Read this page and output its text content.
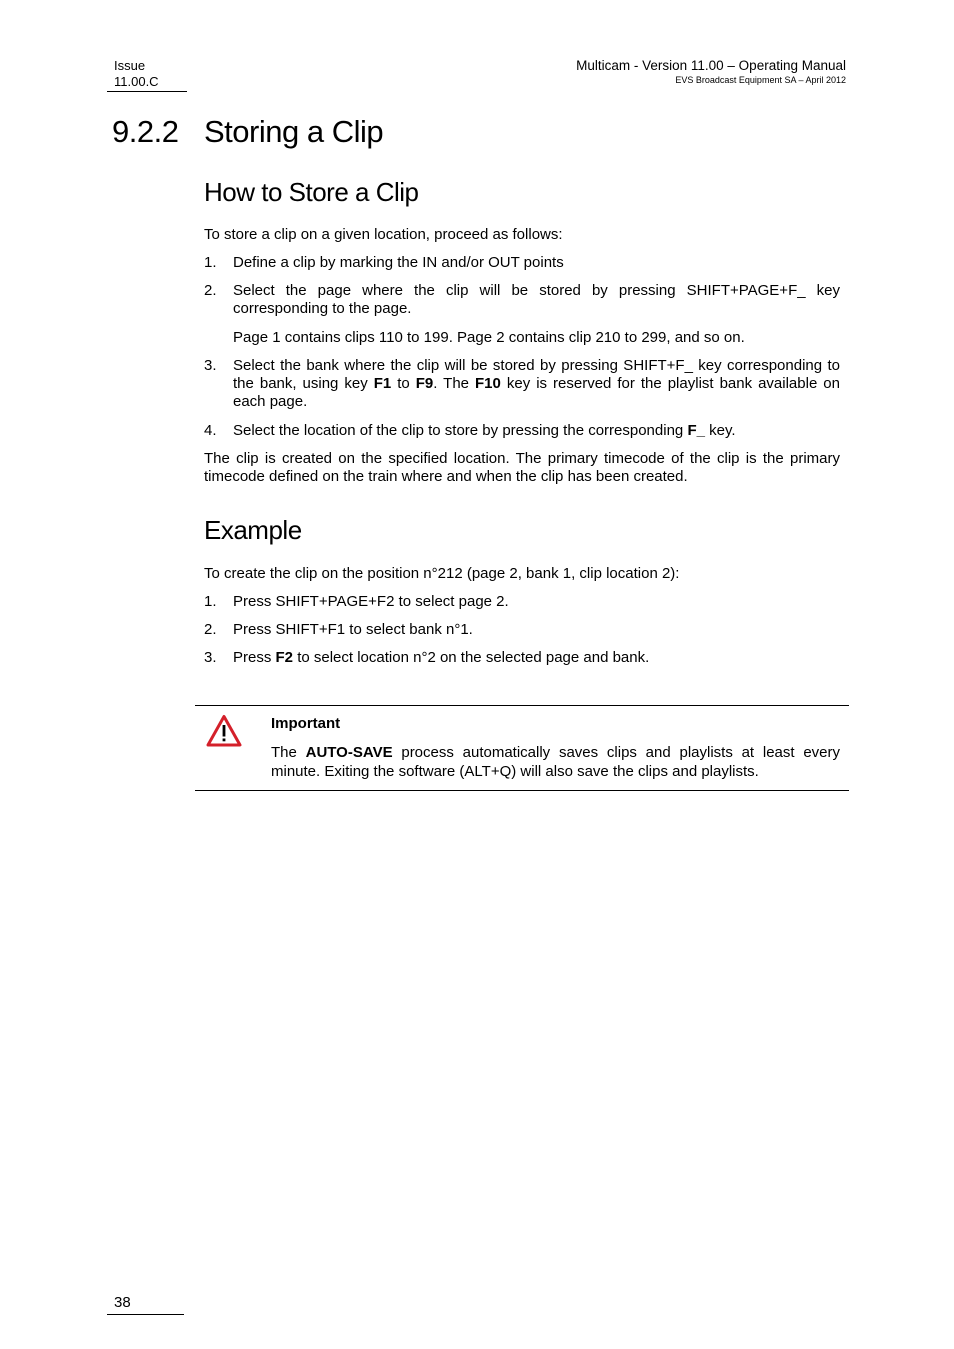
Issue
11.00.C
Multicam - Version 11.00 – Operating Manual
EVS Broadcast Equipment SA – April 2012
9.2.2 Storing a Clip
How to Store a Clip
To store a clip on a given location, proceed as follows:
1.	Define a clip by marking the IN and/or OUT points
2.	Select the page where the clip will be stored by pressing SHIFT+PAGE+F_ key corresponding to the page.
Page 1 contains clips 110 to 199. Page 2 contains clip 210 to 299, and so on.
3.	Select the bank where the clip will be stored by pressing SHIFT+F_ key corresponding to the bank, using key F1 to F9. The F10 key is reserved for the playlist bank available on each page.
4.	Select the location of the clip to store by pressing the corresponding F_ key.

The clip is created on the specified location. The primary timecode of the clip is the primary timecode defined on the train where and when the clip has been created.

Example
To create the clip on the position n°212 (page 2, bank 1, clip location 2):
1.	Press SHIFT+PAGE+F2 to select page 2.
2.	Press SHIFT+F1 to select bank n°1.
3.	Press F2 to select location n°2 on the selected page and bank.
Important
The AUTO-SAVE process automatically saves clips and playlists at least every minute. Exiting the software (ALT+Q) will also save the clips and playlists.
38
